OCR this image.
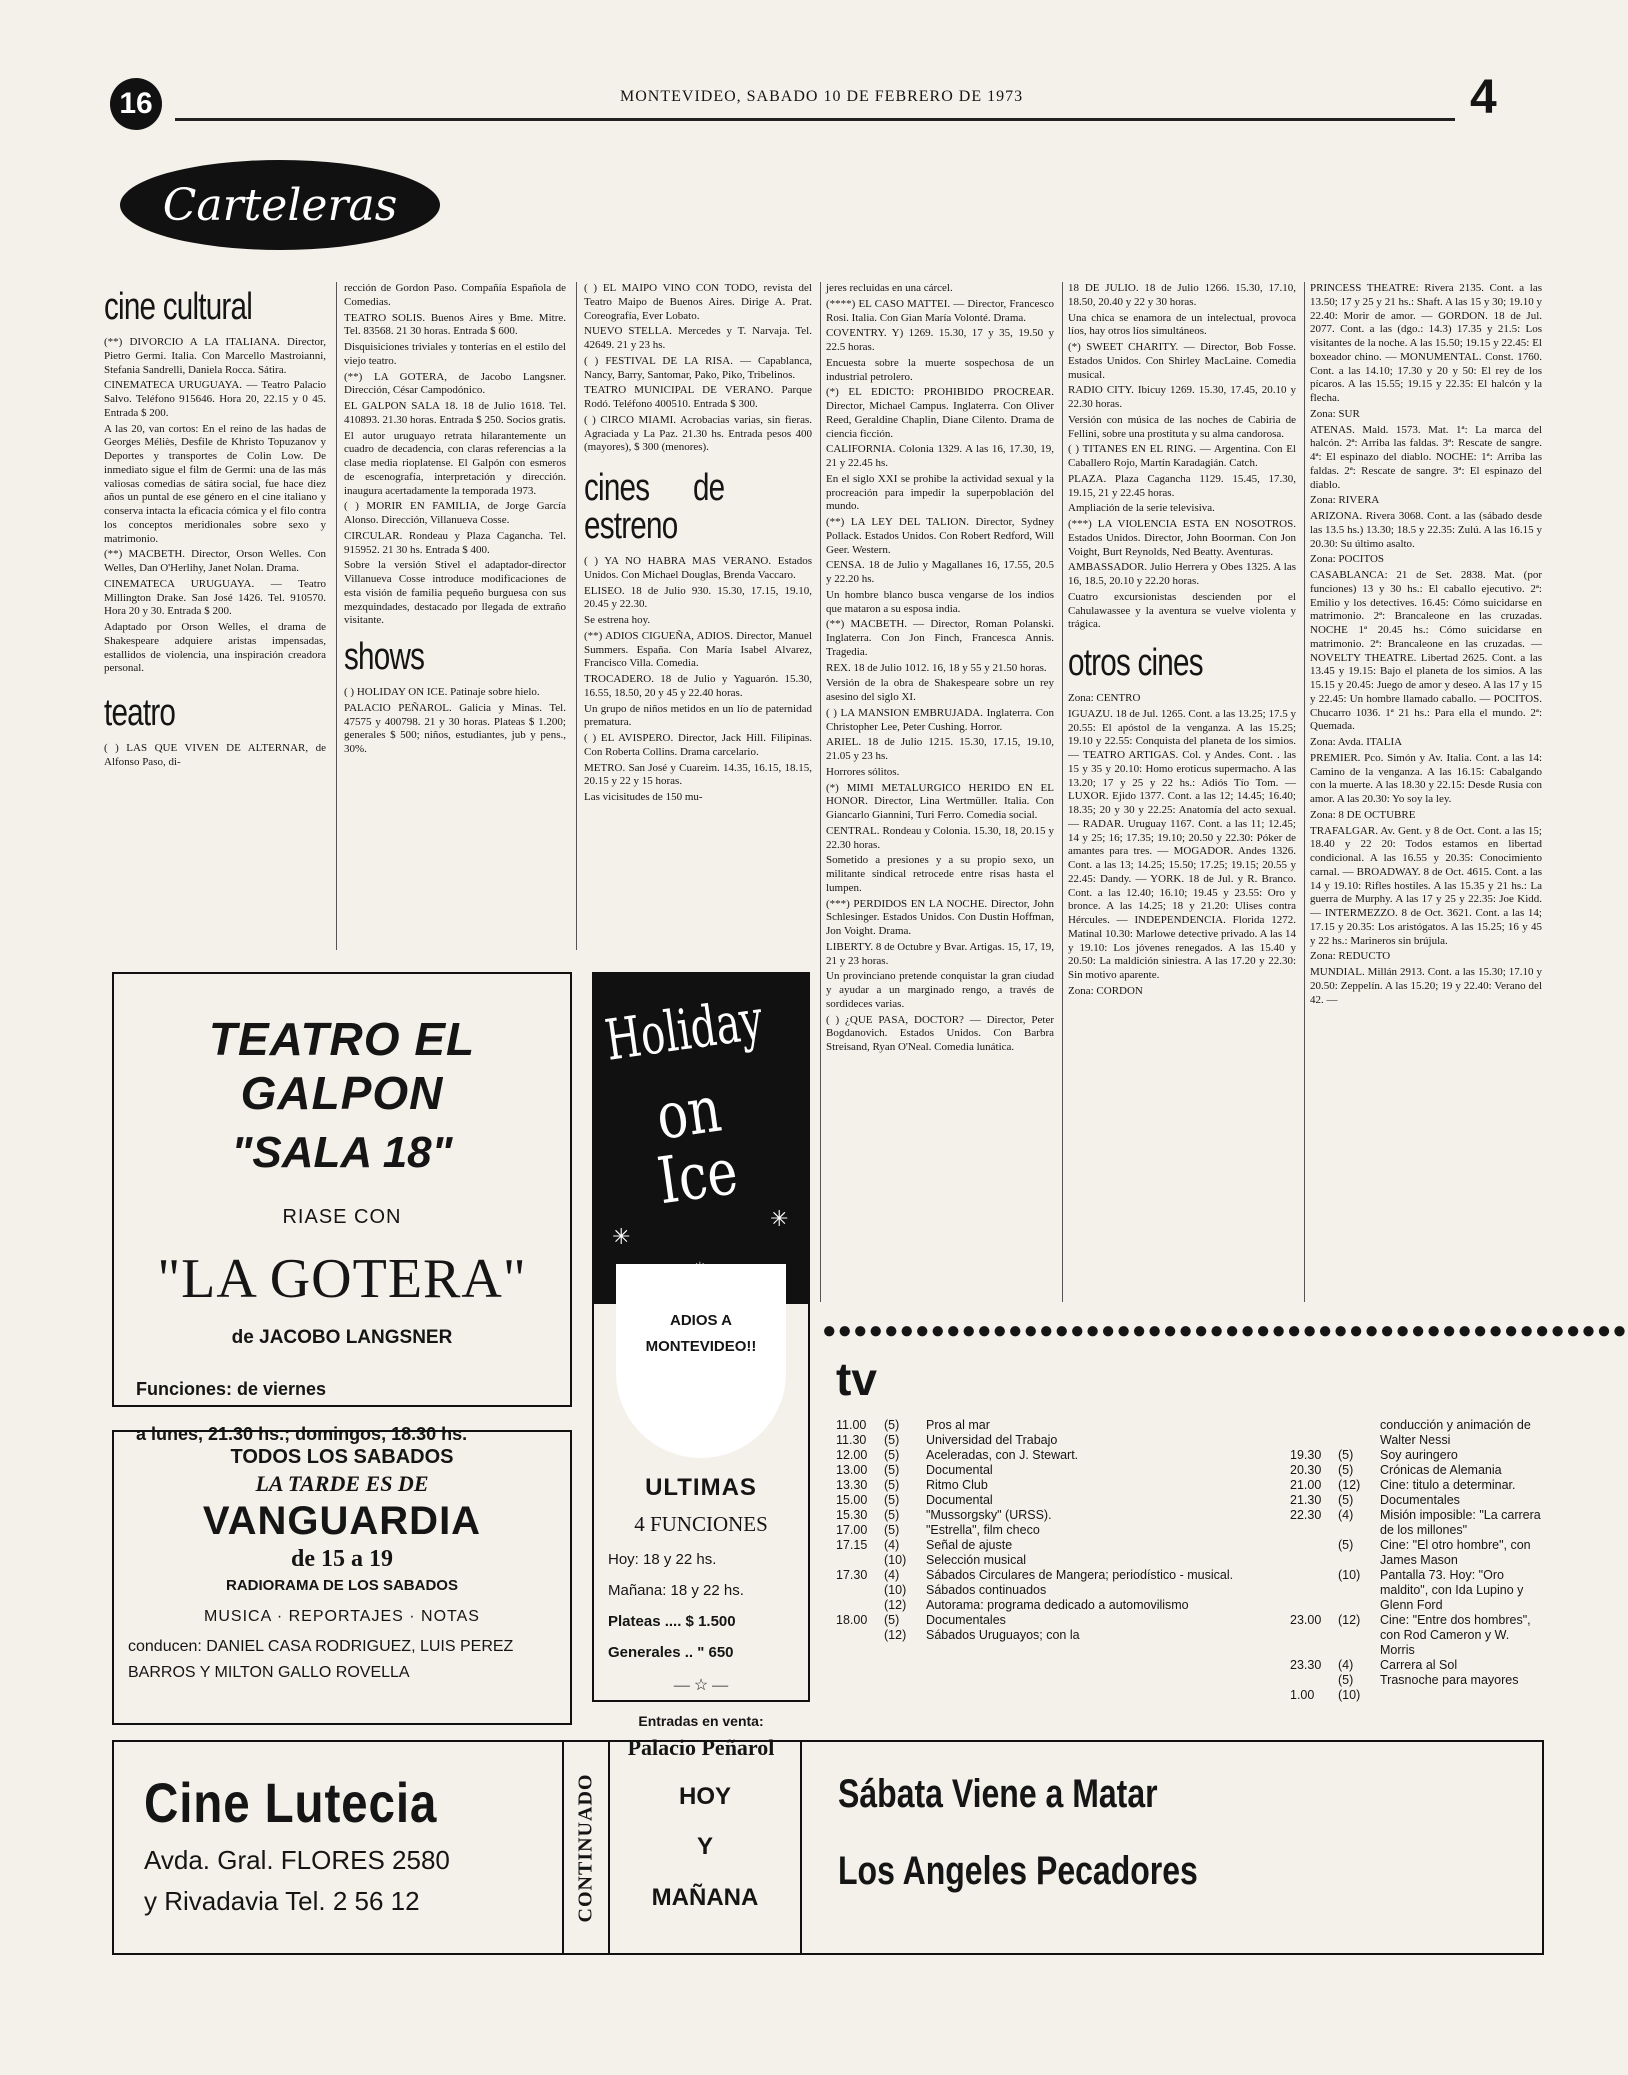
16	MONTEVIDEO, SABADO 10 DE FEBRERO DE 1973	4
Carteleras
cine cultural

(**) DIVORCIO A LA ITALIANA. Director, Pietro Germi. Italia. Con Marcello Mastroianni, Stefania Sandrelli, Daniela Rocca. Sátira.

CINEMATECA URUGUAYA. — Teatro Palacio Salvo. Teléfono 915646. Hora 20, 22.15 y 0 45. Entrada $ 200.

A las 20, van cortos: En el reino de las hadas de Georges Méliès, Desfile de Khristo Topuzanov y Deportes y transportes de Colin Low. De inmediato sigue el film de Germi: una de las más valiosas comedias de sátira social, fue hace diez años un puntal de ese género en el cine italiano y conserva intacta la eficacia cómica y el filo contra los conceptos meridionales sobre sexo y matrimonio.

(**) MACBETH. Director, Orson Welles. Con Welles, Dan O'Herlihy, Janet Nolan. Drama.

CINEMATECA URUGUAYA. — Teatro Millington Drake. San José 1426. Tel. 910570. Hora 20 y 30. Entrada $ 200.

Adaptado por Orson Welles, el drama de Shakespeare adquiere aristas impensadas, estallidos de violencia, una inspiración creadora personal.

teatro

( ) LAS QUE VIVEN DE ALTERNAR, de Alfonso Paso, di-

rección de Gordon Paso. Compañía Española de Comedias.

TEATRO SOLIS. Buenos Aires y Bme. Mitre. Tel. 83568. 21 30 horas. Entrada $ 600.

Disquisiciones triviales y tonterías en el estilo del viejo teatro.

(**) LA GOTERA, de Jacobo Langsner. Dirección, César Campodónico.

EL GALPON SALA 18. 18 de Julio 1618. Tel. 410893. 21.30 horas. Entrada $ 250. Socios gratis.

El autor uruguayo retrata hilarantemente un cuadro de decadencia, con claras referencias a la clase media rioplatense. El Galpón con esmeros de escenografía, interpretación y dirección. inaugura acertadamente la temporada 1973.

( ) MORIR EN FAMILIA, de Jorge García Alonso. Dirección, Villanueva Cosse.

CIRCULAR. Rondeau y Plaza Cagancha. Tel. 915952. 21 30 hs. Entrada $ 400.

Sobre la versión Stivel el adaptador-director Villanueva Cosse introduce modificaciones de esta visión de familia pequeño burguesa con sus mezquindades, destacado por llegada de extraño visitante.

shows

( ) HOLIDAY ON ICE. Patinaje sobre hielo.

PALACIO PEÑAROL. Galicia y Minas. Tel. 47575 y 400798. 21 y 30 horas. Plateas $ 1.200; generales $ 500; niños, estudiantes, jub y pens., 30%.

( ) EL MAIPO VINO CON TODO, revista del Teatro Maipo de Buenos Aires. Dirige A. Prat. Coreografía, Ever Lobato.

NUEVO STELLA. Mercedes y T. Narvaja. Tel. 42649. 21 y 23 hs.

( ) FESTIVAL DE LA RISA. — Capablanca, Nancy, Barry, Santomar, Pako, Piko, Tribelinos.

TEATRO MUNICIPAL DE VERANO. Parque Rodó. Teléfono 400510. Entrada $ 300.

( ) CIRCO MIAMI. Acrobacias varias, sin fieras. Agraciada y La Paz. 21.30 hs. Entrada pesos 400 (mayores), $ 300 (menores).

cines de estreno

( ) YA NO HABRA MAS VERANO. Estados Unidos. Con Michael Douglas, Brenda Vaccaro.

ELISEO. 18 de Julio 930. 15.30, 17.15, 19.10, 20.45 y 22.30.

Se estrena hoy.

(**) ADIOS CIGUEÑA, ADIOS. Director, Manuel Summers. España. Con María Isabel Alvarez, Francisco Villa. Comedia.

TROCADERO. 18 de Julio y Yaguarón. 15.30, 16.55, 18.50, 20 y 45 y 22.40 horas.

Un grupo de niños metidos en un lío de paternidad prematura.

( ) EL AVISPERO. Director, Jack Hill. Filipinas. Con Roberta Collins. Drama carcelario.

METRO. San José y Cuareim. 14.35, 16.15, 18.15, 20.15 y 22 y 15 horas.

Las vicisitudes de 150 mu-

jeres recluidas en una cárcel.

(****) EL CASO MATTEI. — Director, Francesco Rosi. Italia. Con Gian María Volonté. Drama.

COVENTRY. Y) 1269. 15.30, 17 y 35, 19.50 y 22.5 horas.

Encuesta sobre la muerte sospechosa de un industrial petrolero.

(*) EL EDICTO: PROHIBIDO PROCREAR. Director, Michael Campus. Inglaterra. Con Oliver Reed, Geraldine Chaplin, Diane Cilento. Drama de ciencia ficción.

CALIFORNIA. Colonia 1329. A las 16, 17.30, 19, 21 y 22.45 hs.

En el siglo XXI se prohibe la actividad sexual y la procreación para impedir la superpoblación del mundo.

(**) LA LEY DEL TALION. Director, Sydney Pollack. Estados Unidos. Con Robert Redford, Will Geer. Western.

CENSA. 18 de Julio y Magallanes 16, 17.55, 20.5 y 22.20 hs.

Un hombre blanco busca vengarse de los indios que mataron a su esposa india.

(**) MACBETH. — Director, Roman Polanski. Inglaterra. Con Jon Finch, Francesca Annis. Tragedia.

REX. 18 de Julio 1012. 16, 18 y 55 y 21.50 horas.

Versión de la obra de Shakespeare sobre un rey asesino del siglo XI.

( ) LA MANSION EMBRUJADA. Inglaterra. Con Christopher Lee, Peter Cushing. Horror.

ARIEL. 18 de Julio 1215. 15.30, 17.15, 19.10, 21.05 y 23 hs.

Horrores sólitos.

(*) MIMI METALURGICO HERIDO EN EL HONOR. Director, Lina Wertmüller. Italia. Con Giancarlo Giannini, Turi Ferro. Comedia social.

CENTRAL. Rondeau y Colonia. 15.30, 18, 20.15 y 22.30 horas.

Sometido a presiones y a su propio sexo, un militante sindical retrocede entre risas hasta el lumpen.

(***) PERDIDOS EN LA NOCHE. Director, John Schlesinger. Estados Unidos. Con Dustin Hoffman, Jon Voight. Drama.

LIBERTY. 8 de Octubre y Bvar. Artigas. 15, 17, 19, 21 y 23 horas.

Un provinciano pretende conquistar la gran ciudad y ayudar a un marginado rengo, a través de sordideces varias.

( ) ¿QUE PASA, DOCTOR? — Director, Peter Bogdanovich. Estados Unidos. Con Barbra Streisand, Ryan O'Neal. Comedia lunática.

18 DE JULIO. 18 de Julio 1266. 15.30, 17.10, 18.50, 20.40 y 22 y 30 horas.

Una chica se enamora de un intelectual, provoca líos, hay otros líos simultáneos.

(*) SWEET CHARITY. — Director, Bob Fosse. Estados Unidos. Con Shirley MacLaine. Comedia musical.

RADIO CITY. Ibicuy 1269. 15.30, 17.45, 20.10 y 22.30 horas.

Versión con música de las noches de Cabiria de Fellini, sobre una prostituta y su alma candorosa.

( ) TITANES EN EL RING. — Argentina. Con El Caballero Rojo, Martín Karadagián. Catch.

PLAZA. Plaza Cagancha 1129. 15.45, 17.30, 19.15, 21 y 22.45 horas.

Ampliación de la serie televisiva.

(***) LA VIOLENCIA ESTA EN NOSOTROS. Estados Unidos. Director, John Boorman. Con Jon Voight, Burt Reynolds, Ned Beatty. Aventuras.

AMBASSADOR. Julio Herrera y Obes 1325. A las 16, 18.5, 20.10 y 22.20 horas.

Cuatro excursionistas descienden por el Cahulawassee y la aventura se vuelve violenta y trágica.

otros cines

Zona: CENTRO

IGUAZU. 18 de Jul. 1265. Cont. a las 13.25; 17.5 y 20.55: El apóstol de la venganza. A las 15.25; 19.10 y 22.55: Conquista del planeta de los simios. — TEATRO ARTIGAS. Col. y Andes. Cont. . las 15 y 35 y 20.10: Homo eroticus supermacho. A las 13.20; 17 y 25 y 22 hs.: Adiós Tío Tom. — LUXOR. Ejido 1377. Cont. a las 12; 14.45; 16.40; 18.35; 20 y 30 y 22.25: Anatomía del acto sexual. — RADAR. Uruguay 1167. Cont. a las 11; 12.45; 14 y 25; 16; 17.35; 19.10; 20.50 y 22.30: Póker de amantes para tres. — MOGADOR. Andes 1326. Cont. a las 13; 14.25; 15.50; 17.25; 19.15; 20.55 y 22.45: Dandy. — YORK. 18 de Jul. y R. Branco. Cont. a las 12.40; 16.10; 19.45 y 23.55: Oro y bronce. A las 14.25; 18 y 21.20: Ulises contra Hércules. — INDEPENDENCIA. Florida 1272. Matinal 10.30: Marlowe detective privado. A las 14 y 19.10: Los jóvenes renegados. A las 15.40 y 20.50: La maldición siniestra. A las 17.20 y 22.30: Sin motivo aparente.

Zona: CORDON

PRINCESS THEATRE: Rivera 2135. Cont. a las 13.50; 17 y 25 y 21 hs.: Shaft. A las 15 y 30; 19.10 y 22.40: Morir de amor. — GORDON. 18 de Jul. 2077. Cont. a las (dgo.: 14.3) 17.35 y 21.5: Los visitantes de la noche. A las 15.50; 19.15 y 22.45: El boxeador chino. — MONUMENTAL. Const. 1760. Cont. a las 14.10; 17.30 y 20 y 50: El rey de los pícaros. A las 15.55; 19.15 y 22.35: El halcón y la flecha.

Zona: SUR

ATENAS. Mald. 1573. Mat. 1ª: La marca del halcón. 2ª: Arriba las faldas. 3ª: Rescate de sangre. 4ª: El espinazo del diablo. NOCHE: 1ª: Arriba las faldas. 2ª: Rescate de sangre. 3ª: El espinazo del diablo.

Zona: RIVERA

ARIZONA. Rivera 3068. Cont. a las (sábado desde las 13.5 hs.) 13.30; 18.5 y 22.35: Zulú. A las 16.15 y 20.30: Su último asalto.

Zona: POCITOS

CASABLANCA: 21 de Set. 2838. Mat. (por funciones) 13 y 30 hs.: El caballo ejecutivo. 2ª: Emilio y los detectives. 16.45: Cómo suicidarse en matrimonio. 2ª: Brancaleone en las cruzadas. NOCHE 1ª 20.45 hs.: Cómo suicidarse en matrimonio. 2ª: Brancaleone en las cruzadas. — NOVELTY THEATRE. Libertad 2625. Cont. a las 13.45 y 19.15: Bajo el planeta de los simios. A las 15.15 y 20.45: Juego de amor y deseo. A las 17 y 15 y 22.45: Un hombre llamado caballo. — POCITOS. Chucarro 1036. 1ª 21 hs.: Para ella el mundo. 2ª: Quemada.

Zona: Avda. ITALIA

PREMIER. Pco. Simón y Av. Italia. Cont. a las 14: Camino de la venganza. A las 16.15: Cabalgando con la muerte. A las 18.30 y 22.15: Desde Rusia con amor. A las 20.30: Yo soy la ley.

Zona: 8 DE OCTUBRE

TRAFALGAR. Av. Gent. y 8 de Oct. Cont. a las 15; 18.40 y 22 20: Todos estamos en libertad condicional. A las 16.55 y 20.35: Conocimiento carnal. — BROADWAY. 8 de Oct. 4615. Cont. a las 14 y 19.10: Rifles hostiles. A las 15.35 y 21 hs.: La guerra de Murphy. A las 17 y 25 y 22.35: Joe Kidd. — INTERMEZZO. 8 de Oct. 3621. Cont. a las 14; 17.15 y 20.35: Los aristógatos. A las 15.25; 16 y 45 y 22 hs.: Marineros sin brújula.

Zona: REDUCTO

MUNDIAL. Millán 2913. Cont. a las 15.30; 17.10 y 20.50: Zeppelín. A las 15.20; 19 y 22.40: Verano del 42. —

TEATRO EL GALPON
"SALA 18"
RIASE CON
"LA GOTERA"
de JACOBO LANGSNER
Funciones: de viernes
a lunes, 21.30 hs.; domingos, 18.30 hs.
TODOS LOS SABADOS
LA TARDE ES DE
VANGUARDIA
de 15 a 19
RADIORAMA DE LOS SABADOS
MUSICA · REPORTAJES · NOTAS
conducen: DANIEL CASA RODRIGUEZ, LUIS PEREZ BARROS Y MILTON GALLO ROVELLA
Holiday
on Ice
✳
✳
ADIOS A
MONTEVIDEO!!
ULTIMAS
4 FUNCIONES
Hoy: 18 y 22 hs.
Mañana: 18 y 22 hs.
Plateas .... $ 1.500
Generales .. " 650
— ☆ —
Entradas en venta:
Palacio Peñarol
●●●●●●●●●●●●●●●●●●●●●●●●●●●●●●●●●●●●●●●●●●●●●●●●●●●●
tv
11.00	(5)	Pros al mar
11.30	(5)	Universidad del Trabajo
12.00	(5)	Aceleradas, con J. Stewart.
13.00	(5)	Documental
13.30	(5)	Ritmo Club
15.00	(5)	Documental
15.30	(5)	"Mussorgsky" (URSS).
17.00	(5)	"Estrella", film checo
17.15	(4)	Señal de ajuste
(10)	Selección musical
17.30	(4)	Sábados Circulares de Mangera; periodístico - musical.
(10)	Sábados continuados
(12)	Autorama: programa dedicado a automovilismo
18.00	(5)	Documentales
(12)	Sábados Uruguayos; con la
conducción y animación de Walter Nessi
19.30	(5)	Soy auringero
20.30	(5)	Crónicas de Alemania
21.00	(12)	Cine: titulo a determinar.
21.30	(5)	Documentales
22.30	(4)	Misión imposible: "La carrera de los millones"
(5)	Cine: "El otro hombre", con James Mason
(10)	Pantalla 73. Hoy: "Oro maldito", con Ida Lupino y Glenn Ford
23.00	(12)	Cine: "Entre dos hombres", con Rod Cameron y W. Morris
23.30	(4)	Carrera al Sol
(5)	Trasnoche para mayores
1.00	(10)
Cine Lutecia
Avda. Gral. FLORES 2580
y Rivadavia Tel. 2 56 12	CONTINUADO	HOY
Y
MAÑANA
Sábata Viene a Matar
Los Angeles Pecadores
